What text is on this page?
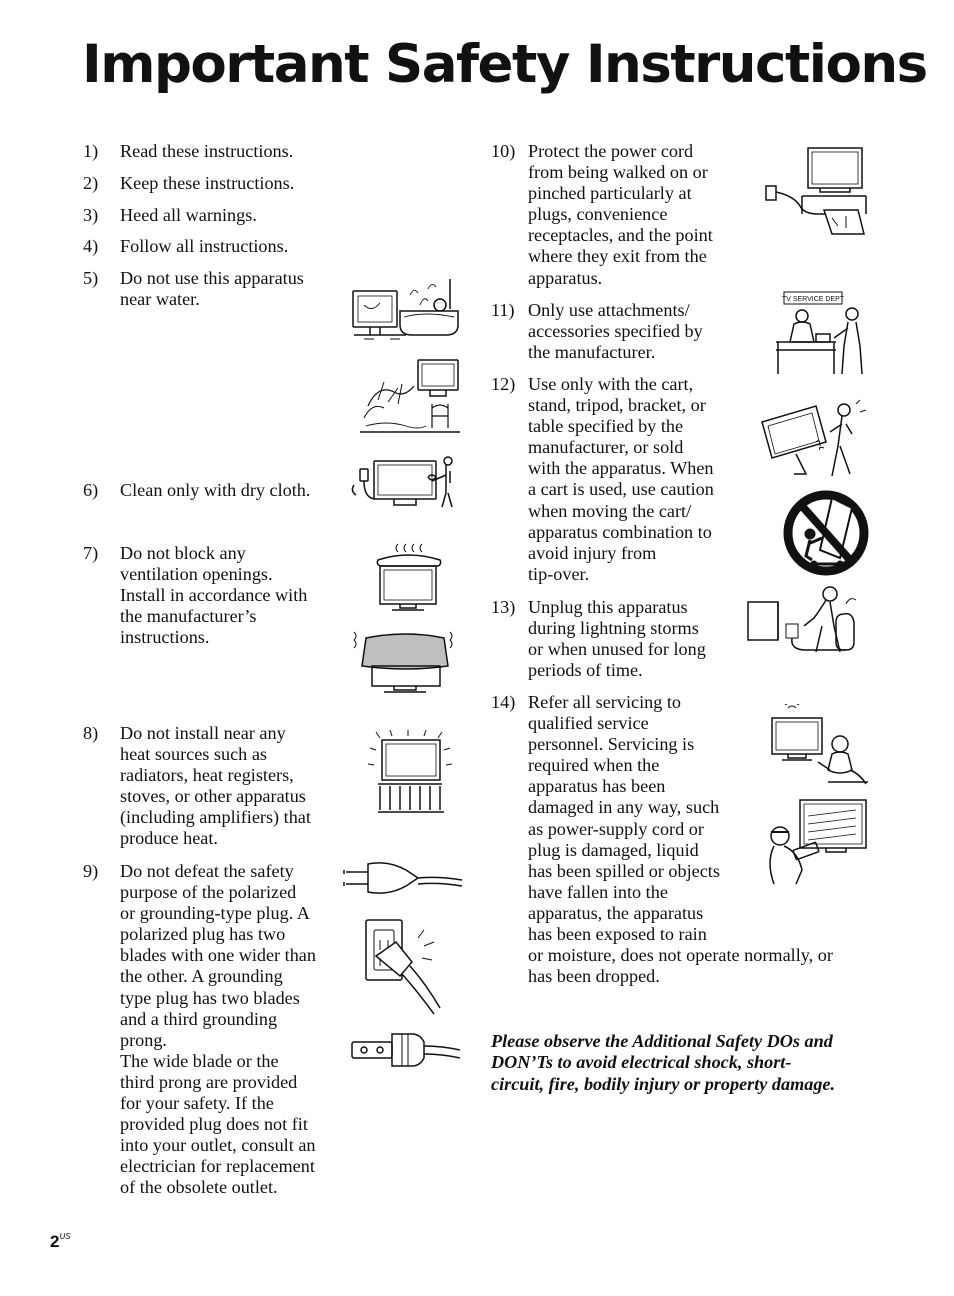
Important Safety Instructions
1) Read these instructions.
2) Keep these instructions.
3) Heed all warnings.
4) Follow all instructions.
5) Do not use this apparatus
near water.
6) Clean only with dry cloth.
7) Do not block any
ventilation openings.
Install in accordance with
the manufacturer’s
instructions.
8) Do not install near any
heat sources such as
radiators, heat registers,
stoves, or other apparatus
(including amplifiers) that
produce heat.
9) Do not defeat the safety
purpose of the polarized
or grounding-type plug. A
polarized plug has two
blades with one wider than
the other. A grounding
type plug has two blades
and a third grounding
prong.
The wide blade or the
third prong are provided
for your safety. If the
provided plug does not fit
into your outlet, consult an
electrician for replacement
of the obsolete outlet.
10) Protect the power cord
from being walked on or
pinched particularly at
plugs, convenience
receptacles, and the point
where they exit from the
apparatus.
11) Only use attachments/
accessories specified by
the manufacturer.
12) Use only with the cart,
stand, tripod, bracket, or
table specified by the
manufacturer, or sold
with the apparatus. When
a cart is used, use caution
when moving the cart/
apparatus combination to
avoid injury from
tip-over.
13) Unplug this apparatus
during lightning storms
or when unused for long
periods of time.
14) Refer all servicing to
qualified service
personnel. Servicing is
required when the
apparatus has been
damaged in any way, such
as power-supply cord or
plug is damaged, liquid
has been spilled or objects
have fallen into the
apparatus, the apparatus
has been exposed to rain
or moisture, does not operate normally, or
has been dropped.
Please observe the Additional Safety DOs and
DON’Ts to avoid electrical shock, short-
circuit, fire, bodily injury or property damage.
$2^{US}$
TV SERVICE DEPT
